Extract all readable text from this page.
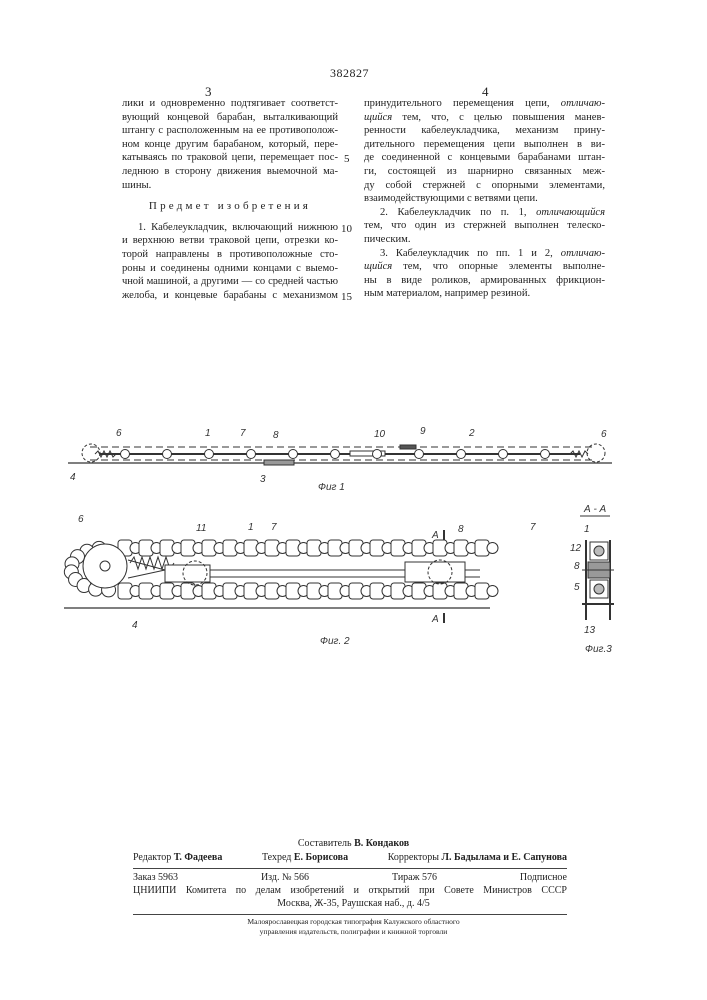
382827
3	4
лики и одновременно подтягивает соответст-
вующий концевой барабан, выталкивающий
штангу с расположенным на ее противополож-
ном конце другим барабаном, который, пере-
катываясь по траковой цепи, перемещает пос-
леднюю в сторону движения выемочной ма-
шины.
Предмет изобретения
1. Кабелеукладчик, включающий нижнюю
и верхнюю ветви траковой цепи, отрезки ко-
торой направлены в противоположные сто-
роны и соединены одними концами с выемо-
чной машиной, а другими — со средней частью
желоба, и концевые барабаны с механизмом
принудительного перемещения цепи, отличаю-
щийся тем, что, с целью повышения манев-
ренности кабелеукладчика, механизм прину-
дительного перемещения цепи выполнен в ви-
де соединенной с концевыми барабанами штан-
ги, состоящей из шарнирно связанных меж-
ду собой стержней с опорными элементами,
взаимодействующими с ветвями цепи.
2. Кабелеукладчик по п. 1, отличающийся
тем, что один из стержней выполнен телеско-
пическим.
3. Кабелеукладчик по пп. 1 и 2, отличаю-
щийся тем, что опорные элементы выполне-
ны в виде роликов, армированных фрикцион-
ным материалом, например резиной.
5
10
15
6	1	7	8	10	9	2	6
4	3
Фиг 1
6
11	1 7
А
8	7
4
А
Фиг. 2
А - А
1
12
8
5
13
Фиг.3
Составитель В. Кондаков
Редактор Т. Фадеева	Техред Е. Борисова	Корректоры Л. Бадылама и Е. Сапунова
Заказ 5963	Изд. № 566	Тираж 576	Подписное
ЦНИИПИ Комитета по делам изобретений и открытий при Совете Министров СССР
Москва, Ж-35, Раушская наб., д. 4/5
Малоярославецкая городская типография Калужского областного
управления издательств, полиграфии и книжной торговли
